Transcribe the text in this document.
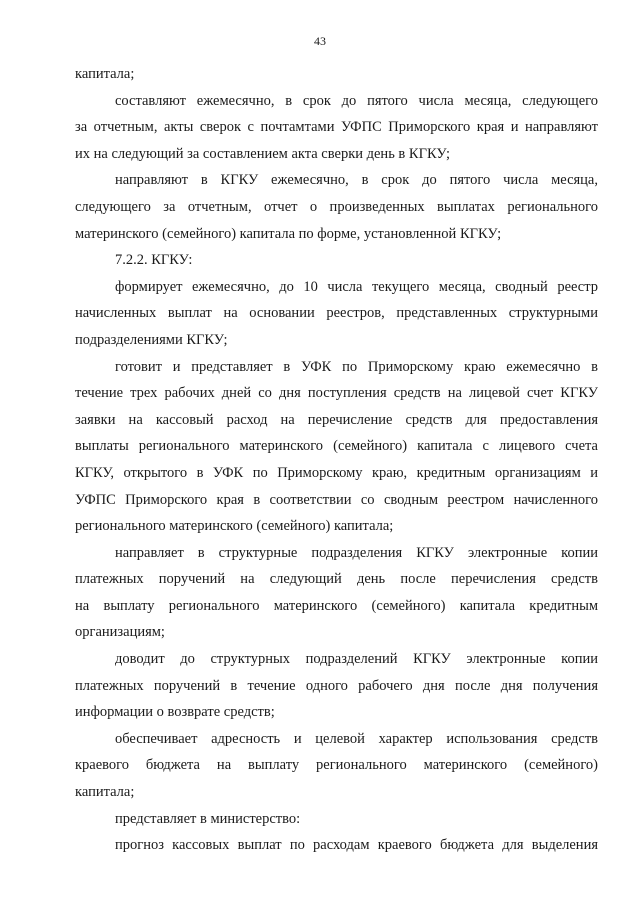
43
капитала;
составляют ежемесячно, в срок до пятого числа месяца, следующего
за отчетным, акты сверок с почтамтами УФПС Приморского края и направляют
их на следующий за составлением акта сверки день в КГКУ;
направляют в КГКУ ежемесячно, в срок до пятого числа месяца,
следующего за отчетным, отчет о произведенных выплатах регионального
материнского (семейного) капитала по форме, установленной КГКУ;
7.2.2. КГКУ:
формирует ежемесячно, до 10 числа текущего месяца, сводный реестр
начисленных выплат на основании реестров, представленных структурными
подразделениями КГКУ;
готовит и представляет в УФК по Приморскому краю ежемесячно в
течение трех рабочих дней со дня поступления средств на лицевой счет КГКУ
заявки на кассовый расход на перечисление средств для предоставления
выплаты регионального материнского (семейного) капитала с лицевого счета
КГКУ, открытого в УФК по Приморскому краю, кредитным организациям и
УФПС Приморского края в соответствии со сводным реестром начисленного
регионального материнского (семейного) капитала;
направляет в структурные подразделения КГКУ электронные копии
платежных поручений на следующий день после перечисления средств
на выплату регионального материнского (семейного) капитала кредитным
организациям;
доводит до структурных подразделений КГКУ электронные копии
платежных поручений в течение одного рабочего дня после дня получения
информации о возврате средств;
обеспечивает адресность и целевой характер использования средств
краевого бюджета на выплату регионального материнского (семейного)
капитала;
представляет в министерство:
прогноз кассовых выплат по расходам краевого бюджета для выделения
